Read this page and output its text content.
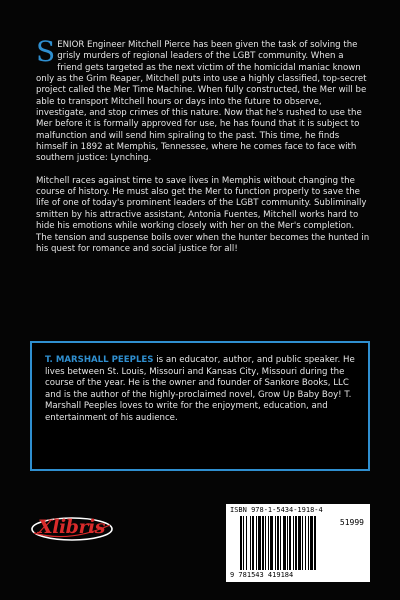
SENIOR Engineer Mitchell Pierce has been given the task of solving the grisly murders of regional leaders of the LGBT community. When a friend gets targeted as the next victim of the homicidal maniac known only as the Grim Reaper, Mitchell puts into use a highly classified, top-secret project called the Mer Time Machine. When fully constructed, the Mer will be able to transport Mitchell hours or days into the future to observe, investigate, and stop crimes of this nature. Now that he's rushed to use the Mer before it is formally approved for use, he has found that it is subject to malfunction and will send him spiraling to the past. This time, he finds himself in 1892 at Memphis, Tennessee, where he comes face to face with southern justice: Lynching.

Mitchell races against time to save lives in Memphis without changing the course of history. He must also get the Mer to function properly to save the life of one of today's prominent leaders of the LGBT community. Subliminally smitten by his attractive assistant, Antonia Fuentes, Mitchell works hard to hide his emotions while working closely with her on the Mer's completion. The tension and suspense boils over when the hunter becomes the hunted in his quest for romance and social justice for all!

T. MARSHALL PEEPLES is an educator, author, and public speaker. He lives between St. Louis, Missouri and Kansas City, Missouri during the course of the year. He is the owner and founder of Sankore Books, LLC and is the author of the highly-proclaimed novel, Grow Up Baby Boy! T. Marshall Peeples loves to write for the enjoyment, education, and entertainment of his audience.
Xlibris
ISBN 978-1-5434-1918-4
51999
9 781543 419184
